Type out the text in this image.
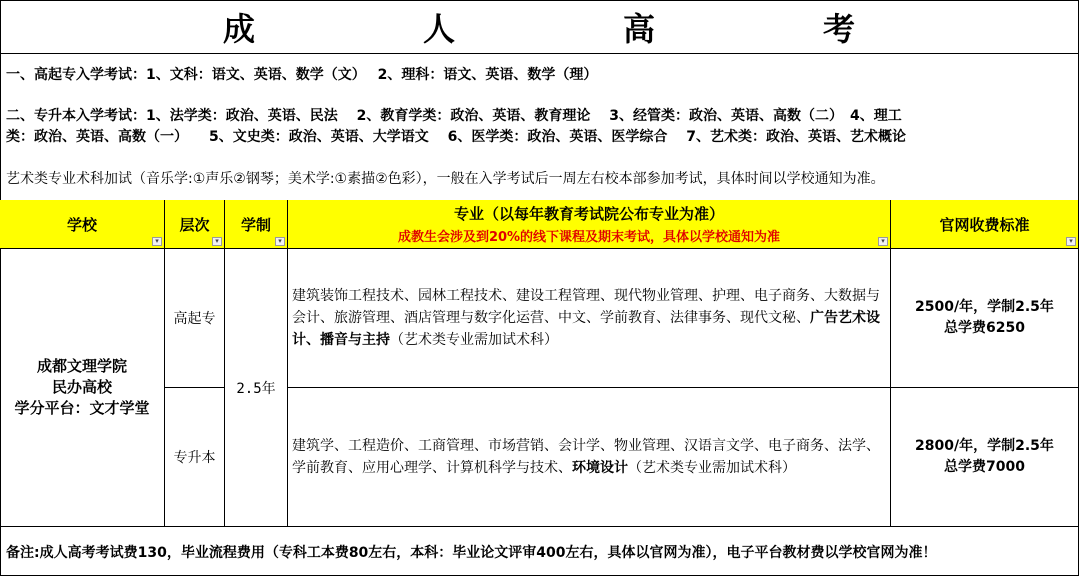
成　人　高　考
一、高起专入学考试：1、文科：语文、英语、数学（文）　 2、理科：语文、英语、数学（理）
二、专升本入学考试：1、法学类：政治、英语、民法　 2、教育学类：政治、英语、教育理论　 3、经管类：政治、英语、高数（二）　4、理工
类：政治、英语、高数（一）　　5、文史类：政治、英语、大学语文　 6、医学类：政治、英语、医学综合　 7、艺术类：政治、英语、艺术概论
艺术类专业术科加试（音乐学:①声乐②钢琴；美术学:①素描②色彩），一般在入学考试后一周左右校本部参加考试，具体时间以学校通知为准。
学校
▾
层次
▾
学制
▾
专业（以每年教育考试院公布专业为准）
成教生会涉及到20%的线下课程及期末考试，具体以学校通知为准	▾
官网收费标准
▾
成都文理学院
民办高校
学分平台：文才学堂
2.5年
高起专
建筑装饰工程技术、园林工程技术、建设工程管理、现代物业管理、护理、电子商务、大数据与会计、旅游管理、酒店管理与数字化运营、中文、学前教育、法律事务、现代文秘、广告艺术设计、播音与主持（艺术类专业需加试术科）
2500/年，学制2.5年
总学费6250
专升本
建筑学、工程造价、工商管理、市场营销、会计学、物业管理、汉语言文学、电子商务、法学、学前教育、应用心理学、计算机科学与技术、环境设计（艺术类专业需加试术科）
2800/年，学制2.5年
总学费7000
备注:成人高考考试费130，毕业流程费用（专科工本费80左右，本科：毕业论文评审400左右，具体以官网为准），电子平台教材费以学校官网为准！
